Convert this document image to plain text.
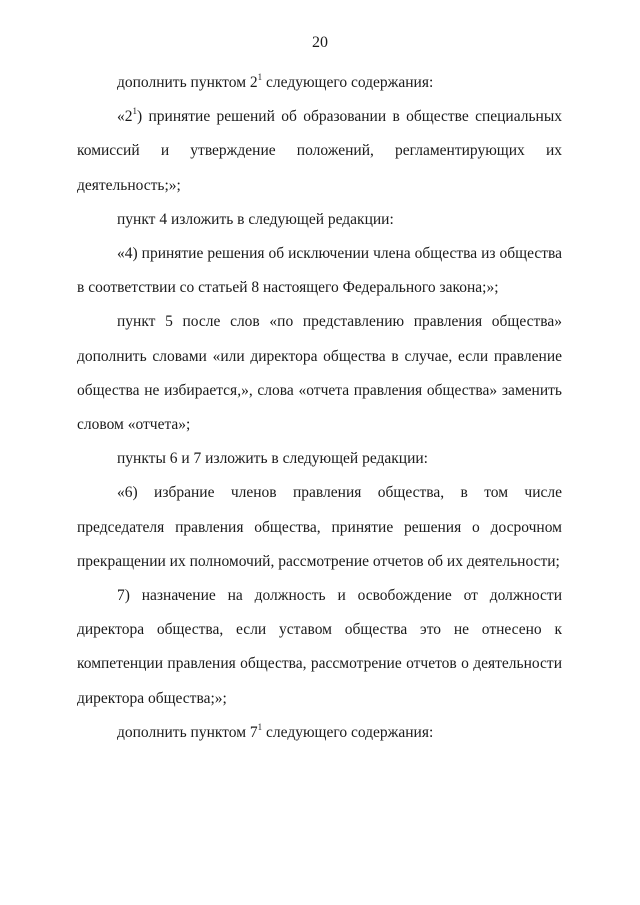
20

дополнить пунктом $2^1$ следующего содержания:

«$2^1$) принятие решений об образовании в обществе специальных комиссий и утверждение положений, регламентирующих их деятельность;»;

пункт 4 изложить в следующей редакции:

«4) принятие решения об исключении члена общества из общества в соответствии со статьей 8 настоящего Федерального закона;»;

пункт 5 после слов «по представлению правления общества» дополнить словами «или директора общества в случае, если правление общества не избирается,», слова «отчета правления общества» заменить словом «отчета»;

пункты 6 и 7 изложить в следующей редакции:

«6) избрание членов правления общества, в том числе председателя правления общества, принятие решения о досрочном прекращении их полномочий, рассмотрение отчетов об их деятельности;

7) назначение на должность и освобождение от должности директора общества, если уставом общества это не отнесено к компетенции правления общества, рассмотрение отчетов о деятельности директора общества;»;

дополнить пунктом $7^1$ следующего содержания:
